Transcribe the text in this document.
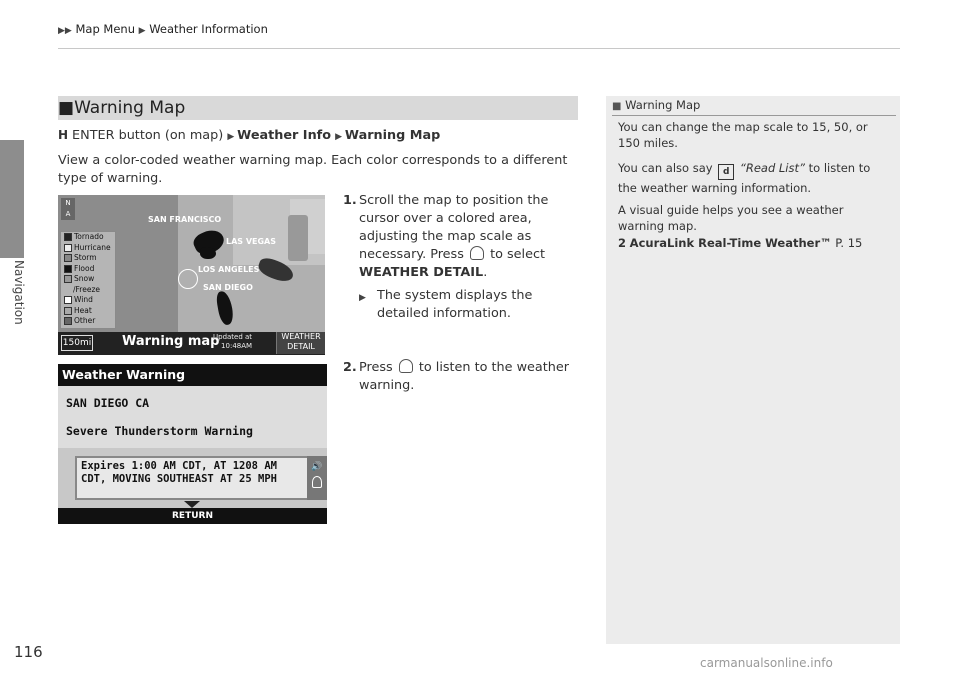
▶▶ Map Menu ▶ Weather Information
Navigation
■Warning Map
H ENTER button (on map) ▶ Weather Info ▶ Warning Map
View a color-coded weather warning map. Each color corresponds to a different type of warning.
1. Scroll the map to position the cursor over a colored area, adjusting the map scale as necessary. Press to select WEATHER DETAIL.
▶ The system displays the detailed information.
2. Press to listen to the weather warning.
SAN FRANCISCO
LAS VEGAS
LOS ANGELES
SAN DIEGO
N
A
Tornado
Hurricane
Storm
Flood
Snow
/Freeze
Wind
Heat
Other
150mi Warning map
Updated at
10:48AM
WEATHER
DETAIL
Weather Warning
SAN DIEGO CA
Severe Thunderstorm Warning
Expires 1:00 AM CDT, AT 1208 AM CDT, MOVING SOUTHEAST AT 25 MPH
🔊
RETURN
■ Warning Map
You can change the map scale to 15, 50, or 150 miles.
You can also say d “Read List” to listen to the weather warning information.
A visual guide helps you see a weather warning map.
2 AcuraLink Real-Time Weather™ P. 15
116
carmanualsonline.info
